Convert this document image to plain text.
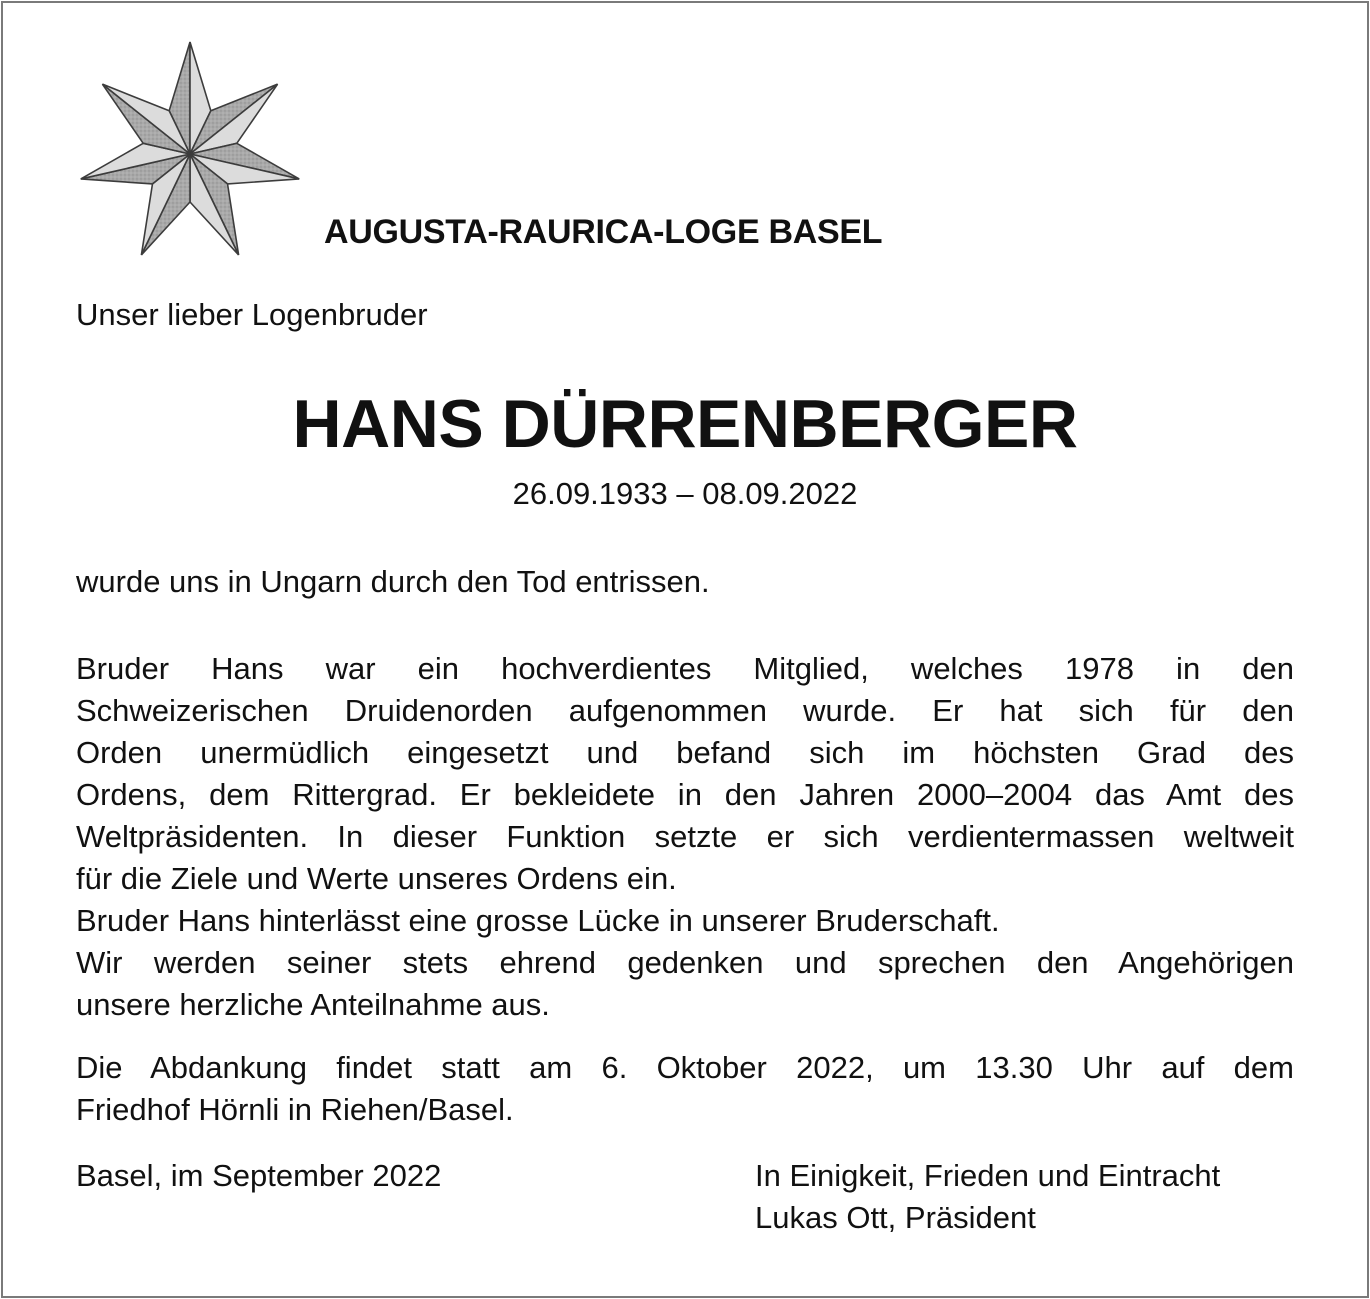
AUGUSTA-RAURICA-LOGE BASEL
Unser lieber Logenbruder
HANS DÜRRENBERGER
26.09.1933 – 08.09.2022

wurde uns in Ungarn durch den Tod entrissen.

Bruder Hans war ein hochverdientes Mitglied, welches 1978 in den
Schweizerischen Druidenorden aufgenommen wurde. Er hat sich für den
Orden unermüdlich eingesetzt und befand sich im höchsten Grad des
Ordens, dem Rittergrad. Er bekleidete in den Jahren 2000–2004 das Amt des
Weltpräsidenten. In dieser Funktion setzte er sich verdientermassen weltweit
für die Ziele und Werte unseres Ordens ein.
Bruder Hans hinterlässt eine grosse Lücke in unserer Bruderschaft.
Wir werden seiner stets ehrend gedenken und sprechen den Angehörigen
unsere herzliche Anteilnahme aus.

Die Abdankung findet statt am 6. Oktober 2022, um 13.30 Uhr auf dem
Friedhof Hörnli in Riehen/Basel.

Basel, im September 2022	In Einigkeit, Frieden und Eintracht
Lukas Ott, Präsident
